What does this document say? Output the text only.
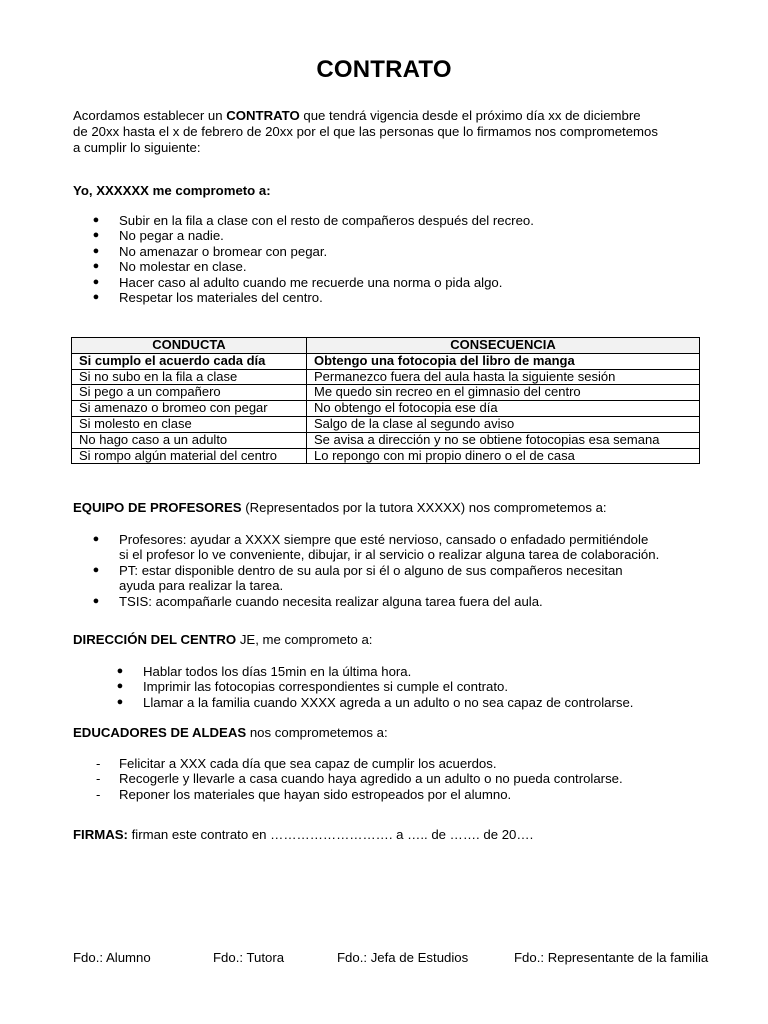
CONTRATO

Acordamos establecer un CONTRATO que tendrá vigencia desde el próximo día xx de diciembre

de 20xx hasta el x de febrero de 20xx por el que las personas que lo firmamos nos comprometemos

a cumplir lo siguiente:

Yo, XXXXXX me comprometo a:
● Subir en la fila a clase con el resto de compañeros después del recreo.
● No pegar a nadie.
● No amenazar o bromear con pegar.
● No molestar en clase.
● Hacer caso al adulto cuando me recuerde una norma o pida algo.
● Respetar los materiales del centro.
CONDUCTA	CONSECUENCIA
Si cumplo el acuerdo cada día	Obtengo una fotocopia del libro de manga
Si no subo en la fila a clase	Permanezco fuera del aula hasta la siguiente sesión
Si pego a un compañero	Me quedo sin recreo en el gimnasio del centro
Si amenazo o bromeo con pegar	No obtengo el fotocopia ese día
Si molesto en clase	Salgo de la clase al segundo aviso
No hago caso a un adulto	Se avisa a dirección y no se obtiene fotocopias esa semana
Si rompo algún material del centro	Lo repongo con mi propio dinero o el de casa
EQUIPO DE PROFESORES (Representados por la tutora XXXXX) nos comprometemos a:
● Profesores: ayudar a XXXX siempre que esté nervioso, cansado o enfadado permitiéndole
si el profesor lo ve conveniente, dibujar, ir al servicio o realizar alguna tarea de colaboración.
● PT: estar disponible dentro de su aula por si él o alguno de sus compañeros necesitan
ayuda para realizar la tarea.
● TSIS: acompañarle cuando necesita realizar alguna tarea fuera del aula.
DIRECCIÓN DEL CENTRO JE, me comprometo a:
● Hablar todos los días 15min en la última hora.
● Imprimir las fotocopias correspondientes si cumple el contrato.
● Llamar a la familia cuando XXXX agreda a un adulto o no sea capaz de controlarse.
EDUCADORES DE ALDEAS nos comprometemos a:
- Felicitar a XXX cada día que sea capaz de cumplir los acuerdos.
- Recogerle y llevarle a casa cuando haya agredido a un adulto o no pueda controlarse.
- Reponer los materiales que hayan sido estropeados por el alumno.
FIRMAS: firman este contrato en ………………………. a ….. de ……. de 20….
Fdo.: Alumno	Fdo.: Tutora	Fdo.: Jefa de Estudios	Fdo.: Representante de la familia
